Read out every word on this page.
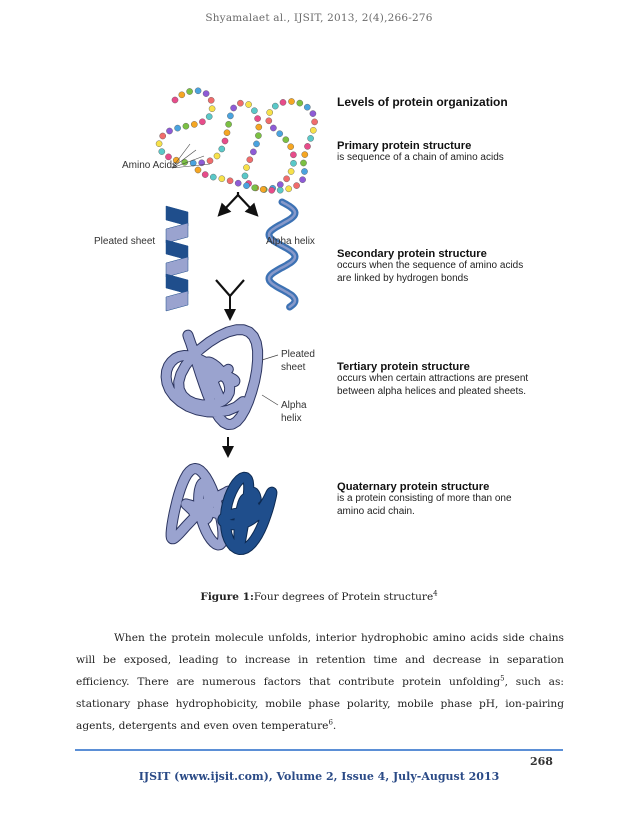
Shyamalaet al., IJSIT, 2013, 2(4),266-276
Amino Acids
Pleated sheet	Alpha helix
Pleated
sheet
Alpha
helix
Levels of protein organization
Primary protein structure
is sequence of a chain of amino acids
Secondary protein structure
occurs when the sequence of amino acids
are linked by hydrogen bonds
Tertiary protein structure
occurs when certain attractions are present
between alpha helices and pleated sheets.
Quaternary protein structure
is a protein consisting of more than one
amino acid chain.
Figure 1:Four degrees of Protein structure$^4$

When the protein molecule unfolds, interior hydrophobic amino acids side chains will be exposed, leading to increase in retention time and decrease in separation efficiency. There are numerous factors that contribute protein unfolding$^5$, such as: stationary phase hydrophobicity, mobile phase polarity, mobile phase pH, ion-pairing agents, detergents and even oven temperature$^6$.

268
IJSIT (www.ijsit.com), Volume 2, Issue 4, July-August 2013
